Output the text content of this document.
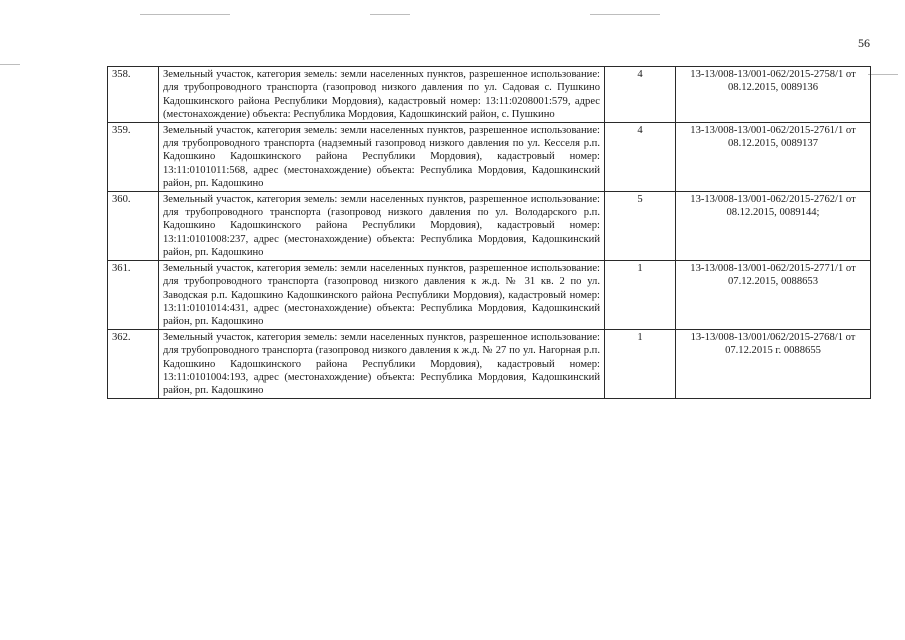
56
358.	Земельный участок, категория земель: земли населенных пунктов, разрешенное использование: для трубопроводного транспорта (газопровод низкого давления по ул. Садовая с. Пушкино Кадошкинского района Республики Мордовия), кадастровый номер: 13:11:0208001:579, адрес (местонахождение) объекта: Республика Мордовия, Кадошкинский район, с. Пушкино	4	13-13/008-13/001-062/2015-2758/1 от 08.12.2015, 0089136
359.	Земельный участок, категория земель: земли населенных пунктов, разрешенное использование: для трубопроводного транспорта (надземный газопровод низкого давления по ул. Кесселя р.п. Кадошкино Кадошкинского района Республики Мордовия), кадастровый номер: 13:11:0101011:568, адрес (местонахождение) объекта: Республика Мордовия, Кадошкинский район, рп. Кадошкино	4	13-13/008-13/001-062/2015-2761/1 от 08.12.2015, 0089137
360.	Земельный участок, категория земель: земли населенных пунктов, разрешенное использование: для трубопроводного транспорта (газопровод низкого давления по ул. Володарского р.п. Кадошкино Кадошкинского района Республики Мордовия), кадастровый номер: 13:11:0101008:237, адрес (местонахождение) объекта: Республика Мордовия, Кадошкинский район, рп. Кадошкино	5	13-13/008-13/001-062/2015-2762/1 от 08.12.2015, 0089144;
361.	Земельный участок, категория земель: земли населенных пунктов, разрешенное использование: для трубопроводного транспорта (газопровод низкого давления к ж.д. № 31 кв. 2 по ул. Заводская р.п. Кадошкино Кадошкинского района Республики Мордовия), кадастровый номер: 13:11:0101014:431, адрес (местонахождение) объекта: Республика Мордовия, Кадошкинский район, рп. Кадошкино	1	13-13/008-13/001-062/2015-2771/1 от 07.12.2015, 0088653
362.	Земельный участок, категория земель: земли населенных пунктов, разрешенное использование: для трубопроводного транспорта (газопровод низкого давления к ж.д. № 27 по ул. Нагорная р.п. Кадошкино Кадошкинского района Республики Мордовия), кадастровый номер: 13:11:0101004:193, адрес (местонахождение) объекта: Республика Мордовия, Кадошкинский район, рп. Кадошкино	1	13-13/008-13/001/062/2015-2768/1 от 07.12.2015 г. 0088655
